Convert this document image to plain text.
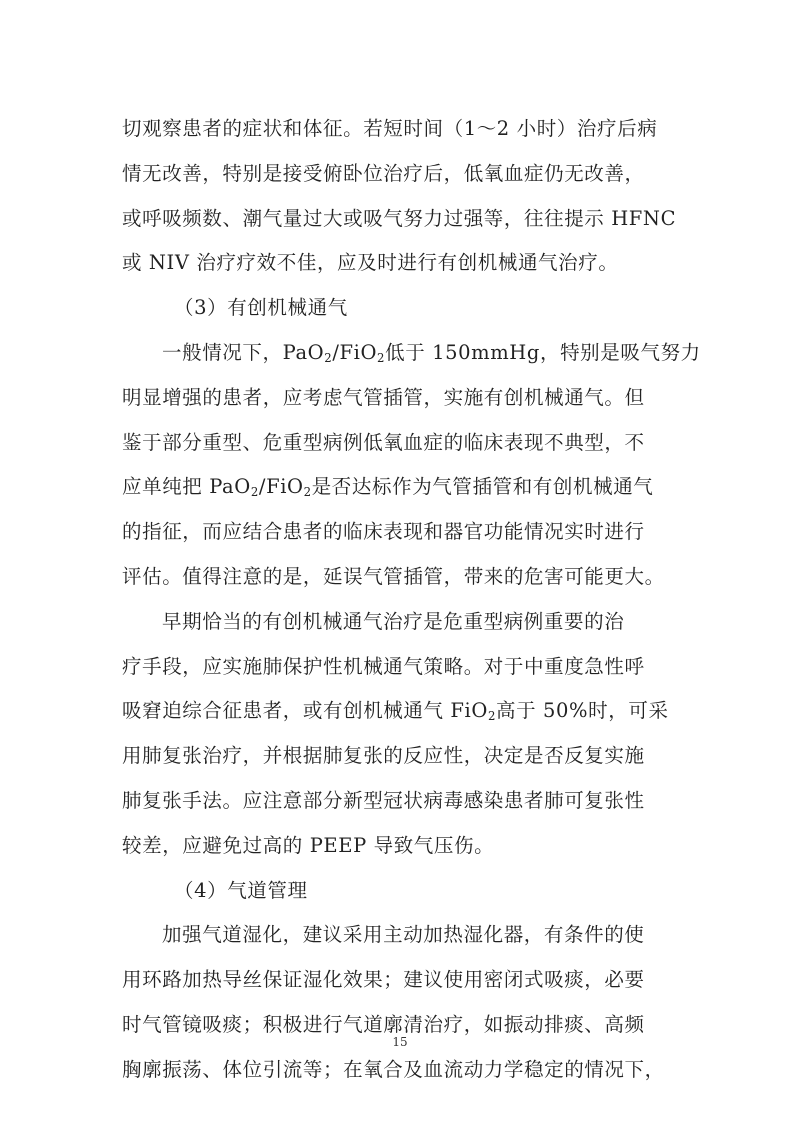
切观察患者的症状和体征。若短时间（1～2 小时）治疗后病
情无改善，特别是接受俯卧位治疗后，低氧血症仍无改善，
或呼吸频数、潮气量过大或吸气努力过强等，往往提示 HFNC
或 NIV 治疗疗效不佳，应及时进行有创机械通气治疗。
（3）有创机械通气
一般情况下，PaO$_2$/FiO$_2$低于 150mmHg，特别是吸气努力
明显增强的患者，应考虑气管插管，实施有创机械通气。但
鉴于部分重型、危重型病例低氧血症的临床表现不典型，不
应单纯把 PaO$_2$/FiO$_2$是否达标作为气管插管和有创机械通气
的指征，而应结合患者的临床表现和器官功能情况实时进行
评估。值得注意的是，延误气管插管，带来的危害可能更大。
早期恰当的有创机械通气治疗是危重型病例重要的治
疗手段，应实施肺保护性机械通气策略。对于中重度急性呼
吸窘迫综合征患者，或有创机械通气 FiO$_2$高于 50%时，可采
用肺复张治疗，并根据肺复张的反应性，决定是否反复实施
肺复张手法。应注意部分新型冠状病毒感染患者肺可复张性
较差，应避免过高的 PEEP 导致气压伤。
（4）气道管理
加强气道湿化，建议采用主动加热湿化器，有条件的使
用环路加热导丝保证湿化效果；建议使用密闭式吸痰，必要
时气管镜吸痰；积极进行气道廓清治疗，如振动排痰、高频
胸廓振荡、体位引流等；在氧合及血流动力学稳定的情况下，
15
